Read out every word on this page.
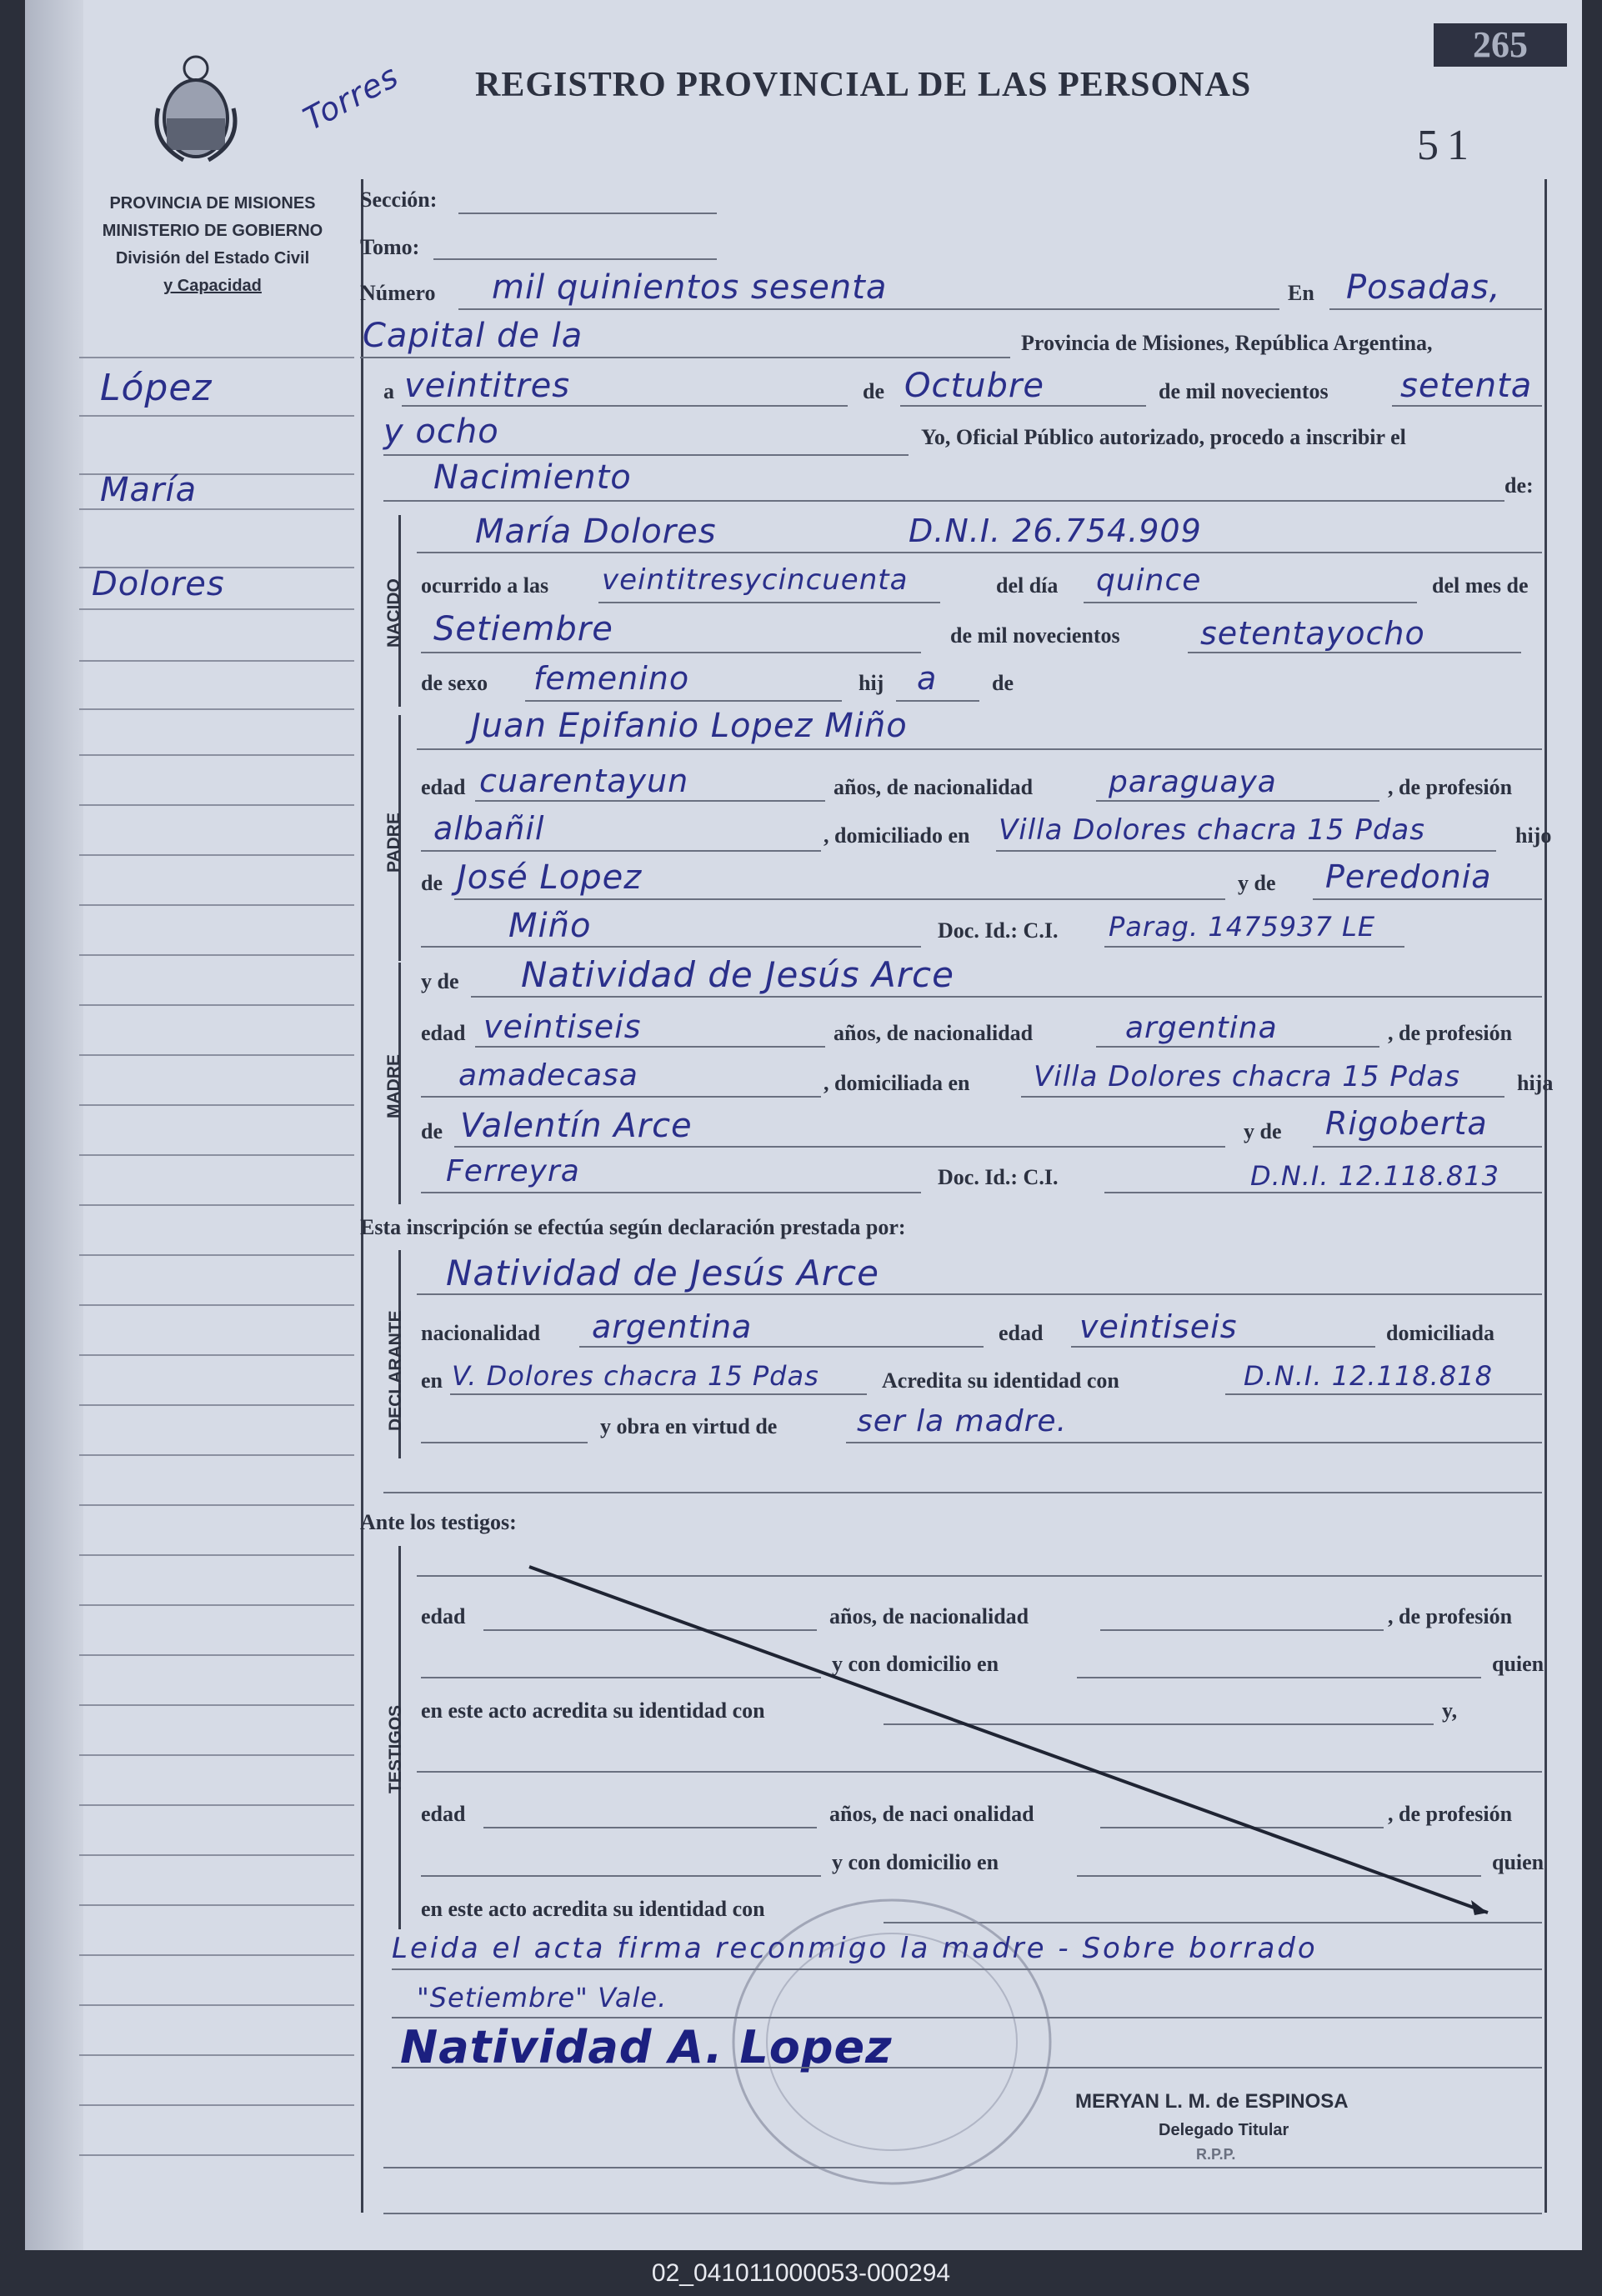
265
Torres REGISTRO PROVINCIAL DE LAS PERSONAS
51
PROVINCIA DE MISIONES
MINISTERIO DE GOBIERNO
División del Estado Civil
y Capacidad
López
María
Dolores
Sección:
Tomo:
Número mil quinientos sesenta	En Posadas,
Capital de la	Provincia de Misiones, República Argentina,
a veintitres	de Octubre	de mil novecientos setenta
y ocho	Yo, Oficial Público autorizado, procedo a inscribir el
Nacimiento	de:
NACIDO
María Dolores	D.N.I. 26.754.909
ocurrido a las veintitresycincuenta	del día quince	del mes de
Setiembre	de mil novecientos	setentayocho
de sexo femenino	hij a	de
PADRE
Juan Epifanio Lopez Miño
edad cuarentayun	años, de nacionalidad	paraguaya	, de profesión
albañil	, domiciliado en Villa Dolores chacra 15 Pdas	hijo
de José Lopez	y de Peredonia
Miño	Doc. Id.: C.I. Parag. 1475937 LE
MADRE
y de Natividad de Jesús Arce
edad veintiseis	años, de nacionalidad	argentina	, de profesión
amadecasa	, domiciliada en Villa Dolores chacra 15 Pdas	hija
de Valentín Arce	y de Rigoberta
Ferreyra	Doc. Id.: C.I.	D.N.I. 12.118.813
Esta inscripción se efectúa según declaración prestada por:
DECLARANTE
Natividad de Jesús Arce
nacionalidad argentina	edad veintiseis	domiciliada
en V. Dolores chacra 15 Pdas	Acredita su identidad con	D.N.I. 12.118.818
y obra en virtud de	ser la madre.
Ante los testigos:
TESTIGOS
edad	años, de nacionalidad	, de profesión
y con domicilio en	quien
en este acto acredita su identidad con	y,
edad	años, de naci onalidad	, de profesión
y con domicilio en	quien
en este acto acredita su identidad con
Leida el acta firma reconmigo la madre - Sobre borrado
"Setiembre" Vale.
Natividad A. Lopez
MERYAN L. M. de ESPINOSA
Delegado Titular
R.P.P.
02_041011000053-000294
